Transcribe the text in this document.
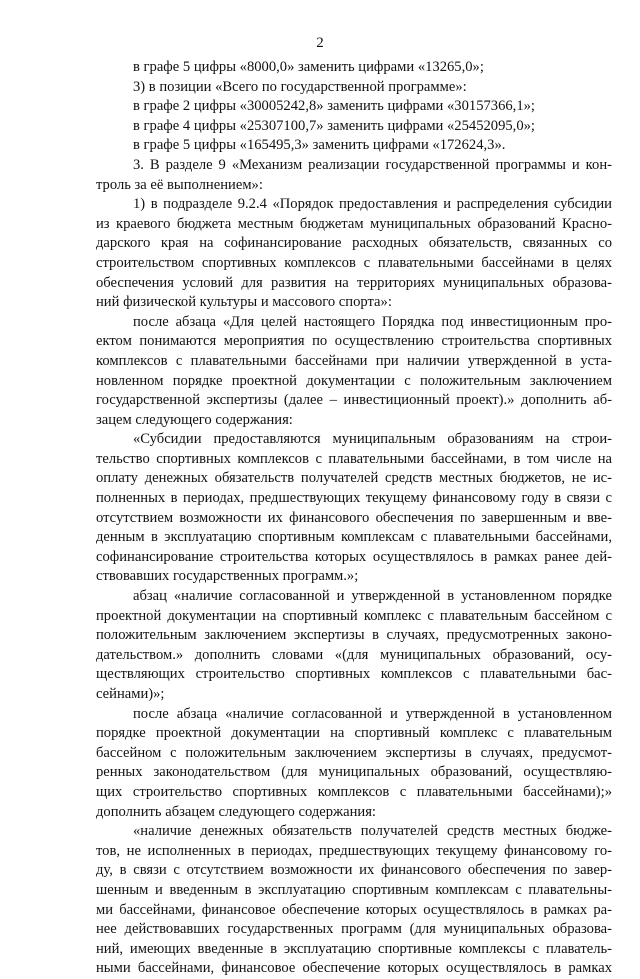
2
в графе 5 цифры «8000,0» заменить цифрами «13265,0»;
3) в позиции «Всего по государственной программе»:
в графе 2 цифры «30005242,8» заменить цифрами «30157366,1»;
в графе 4 цифры «25307100,7» заменить цифрами «25452095,0»;
в графе 5 цифры «165495,3» заменить цифрами «172624,3».
3. В разделе 9 «Механизм реализации государственной программы и кон-
троль за её выполнением»:
1) в подразделе 9.2.4 «Порядок предоставления и распределения субсидии
из краевого бюджета местным бюджетам муниципальных образований Красно-
дарского края на софинансирование расходных обязательств, связанных со
строительством спортивных комплексов с плавательными бассейнами в целях
обеспечения условий для развития на территориях муниципальных образова-
ний физической культуры и массового спорта»:
после абзаца «Для целей настоящего Порядка под инвестиционным про-
ектом понимаются мероприятия по осуществлению строительства спортивных
комплексов с плавательными бассейнами при наличии утвержденной в уста-
новленном порядке проектной документации с положительным заключением
государственной экспертизы (далее – инвестиционный проект).» дополнить аб-
зацем следующего содержания:
«Субсидии предоставляются муниципальным образованиям на строи-
тельство спортивных комплексов с плавательными бассейнами, в том числе на
оплату денежных обязательств получателей средств местных бюджетов, не ис-
полненных в периодах, предшествующих текущему финансовому году в связи с
отсутствием возможности их финансового обеспечения по завершенным и вве-
денным в эксплуатацию спортивным комплексам с плавательными бассейнами,
софинансирование строительства которых осуществлялось в рамках ранее дей-
ствовавших государственных программ.»;
абзац «наличие согласованной и утвержденной в установленном порядке
проектной документации на спортивный комплекс с плавательным бассейном с
положительным заключением экспертизы в случаях, предусмотренных законо-
дательством.» дополнить словами «(для муниципальных образований, осу-
ществляющих строительство спортивных комплексов с плавательными бас-
сейнами)»;
после абзаца «наличие согласованной и утвержденной в установленном
порядке проектной документации на спортивный комплекс с плавательным
бассейном с положительным заключением экспертизы в случаях, предусмот-
ренных законодательством (для муниципальных образований, осуществляю-
щих строительство спортивных комплексов с плавательными бассейнами);»
дополнить абзацем следующего содержания:
«наличие денежных обязательств получателей средств местных бюдже-
тов, не исполненных в периодах, предшествующих текущему финансовому го-
ду, в связи с отсутствием возможности их финансового обеспечения по завер-
шенным и введенным в эксплуатацию спортивным комплексам с плавательны-
ми бассейнами, финансовое обеспечение которых осуществлялось в рамках ра-
нее действовавших государственных программ (для муниципальных образова-
ний, имеющих введенные в эксплуатацию спортивные комплексы с плаватель-
ными бассейнами, финансовое обеспечение которых осуществлялось в рамках
